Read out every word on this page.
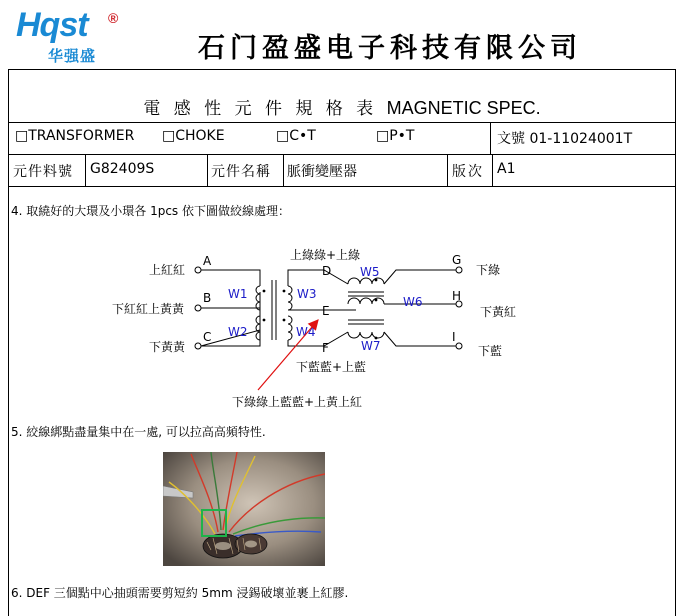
Hqst ®
华强盛	石门盈盛电子科技有限公司
電 感 性 元 件 規 格 表 MAGNETIC SPEC.
□TRANSFORMER □CHOKE	□C•T	□P•T	文號 01-11024001T
元件料號 G82409S	元件名稱 脈衝變壓器	版次 A1
4. 取繞好的大環及小環各 1pcs 依下圖做絞線處理：
A
B
C
D
E
F
G
H
I
W1
W2
W3
W4
W5
W6
W7
上紅紅
下紅紅上黃黃
下黃黃
上綠綠+上綠
下藍藍+上藍
下綠
下黃紅
下藍
下綠綠上藍藍+上黃上紅
5. 絞線綁點盡量集中在一處, 可以拉高高頻特性.
6. DEF 三個點中心抽頭需要剪短約 5mm 浸錫破壞並裹上紅膠.
